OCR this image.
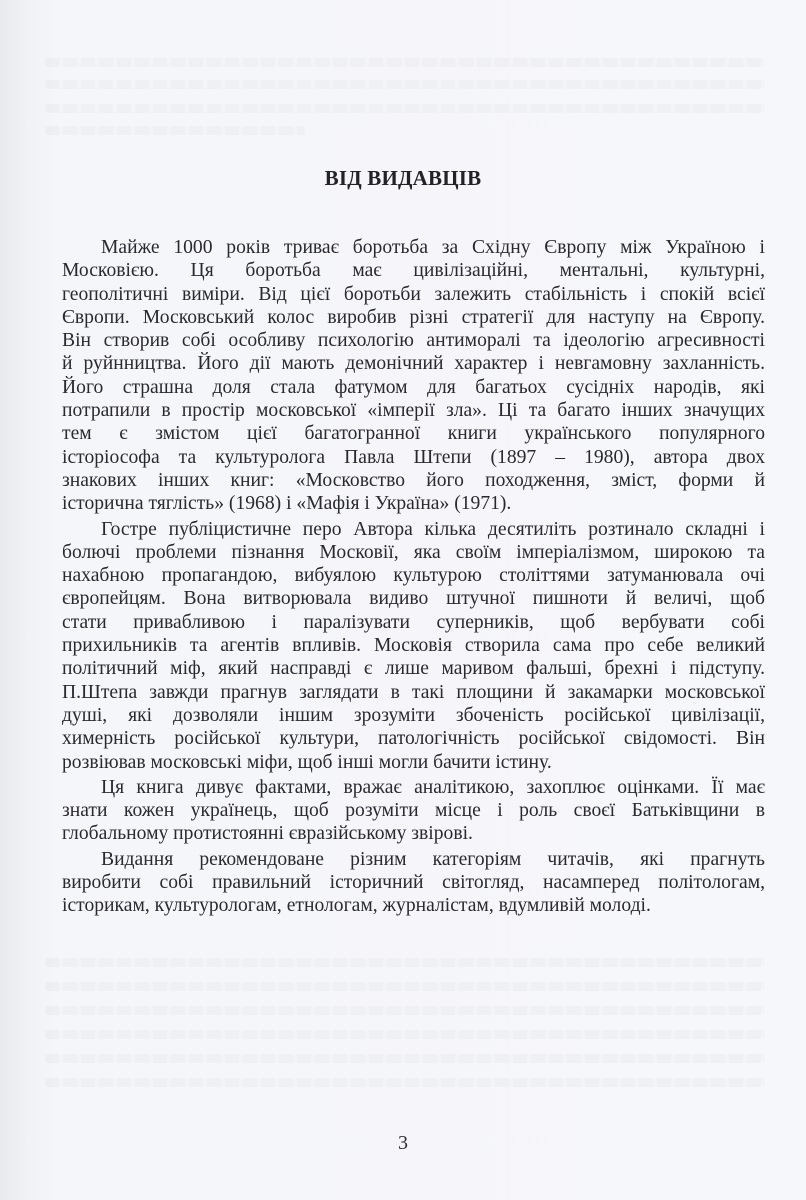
ВІД ВИДАВЦІВ
Майже 1000 років триває боротьба за Східну Європу між Україною і
Московією. Ця боротьба має цивілізаційні, ментальні, культурні,
геополітичні виміри. Від цієї боротьби залежить стабільність і спокій всієї
Європи. Московський колос виробив різні стратегії для наступу на Європу.
Він створив собі особливу психологію антиморалі та ідеологію агресивності
й руйнництва. Його дії мають демонічний характер і невгамовну захланність.
Його страшна доля стала фатумом для багатьох сусідніх народів, які
потрапили в простір московської «імперії зла». Ці та багато інших значущих
тем є змістом цієї багатогранної книги українського популярного
історіософа та культуролога Павла Штепи (1897 – 1980), автора двох
знакових інших книг: «Московство його походження, зміст, форми й
історична тяглість» (1968) і «Мафія і Україна» (1971).
Гостре публіцистичне перо Автора кілька десятиліть розтинало складні і
болючі проблеми пізнання Московії, яка своїм імперіалізмом, широкою та
нахабною пропагандою, вибуялою культурою століттями затуманювала очі
європейцям. Вона витворювала видиво штучної пишноти й величі, щоб
стати привабливою і паралізувати суперників, щоб вербувати собі
прихильників та агентів впливів. Московія створила сама про себе великий
політичний міф, який насправді є лише маривом фальші, брехні і підступу.
П.Штепа завжди прагнув заглядати в такі площини й закамарки московської
душі, які дозволяли іншим зрозуміти збоченість російської цивілізації,
химерність російської культури, патологічність російської свідомості. Він
розвіював московські міфи, щоб інші могли бачити істину.
Ця книга дивує фактами, вражає аналітикою, захоплює оцінками. Її має
знати кожен українець, щоб розуміти місце і роль своєї Батьківщини в
глобальному протистоянні євразійському звірові.
Видання рекомендоване різним категоріям читачів, які прагнуть
виробити собі правильний історичний світогляд, насамперед політологам,
історикам, культурологам, етнологам, журналістам, вдумливій молоді.
3
